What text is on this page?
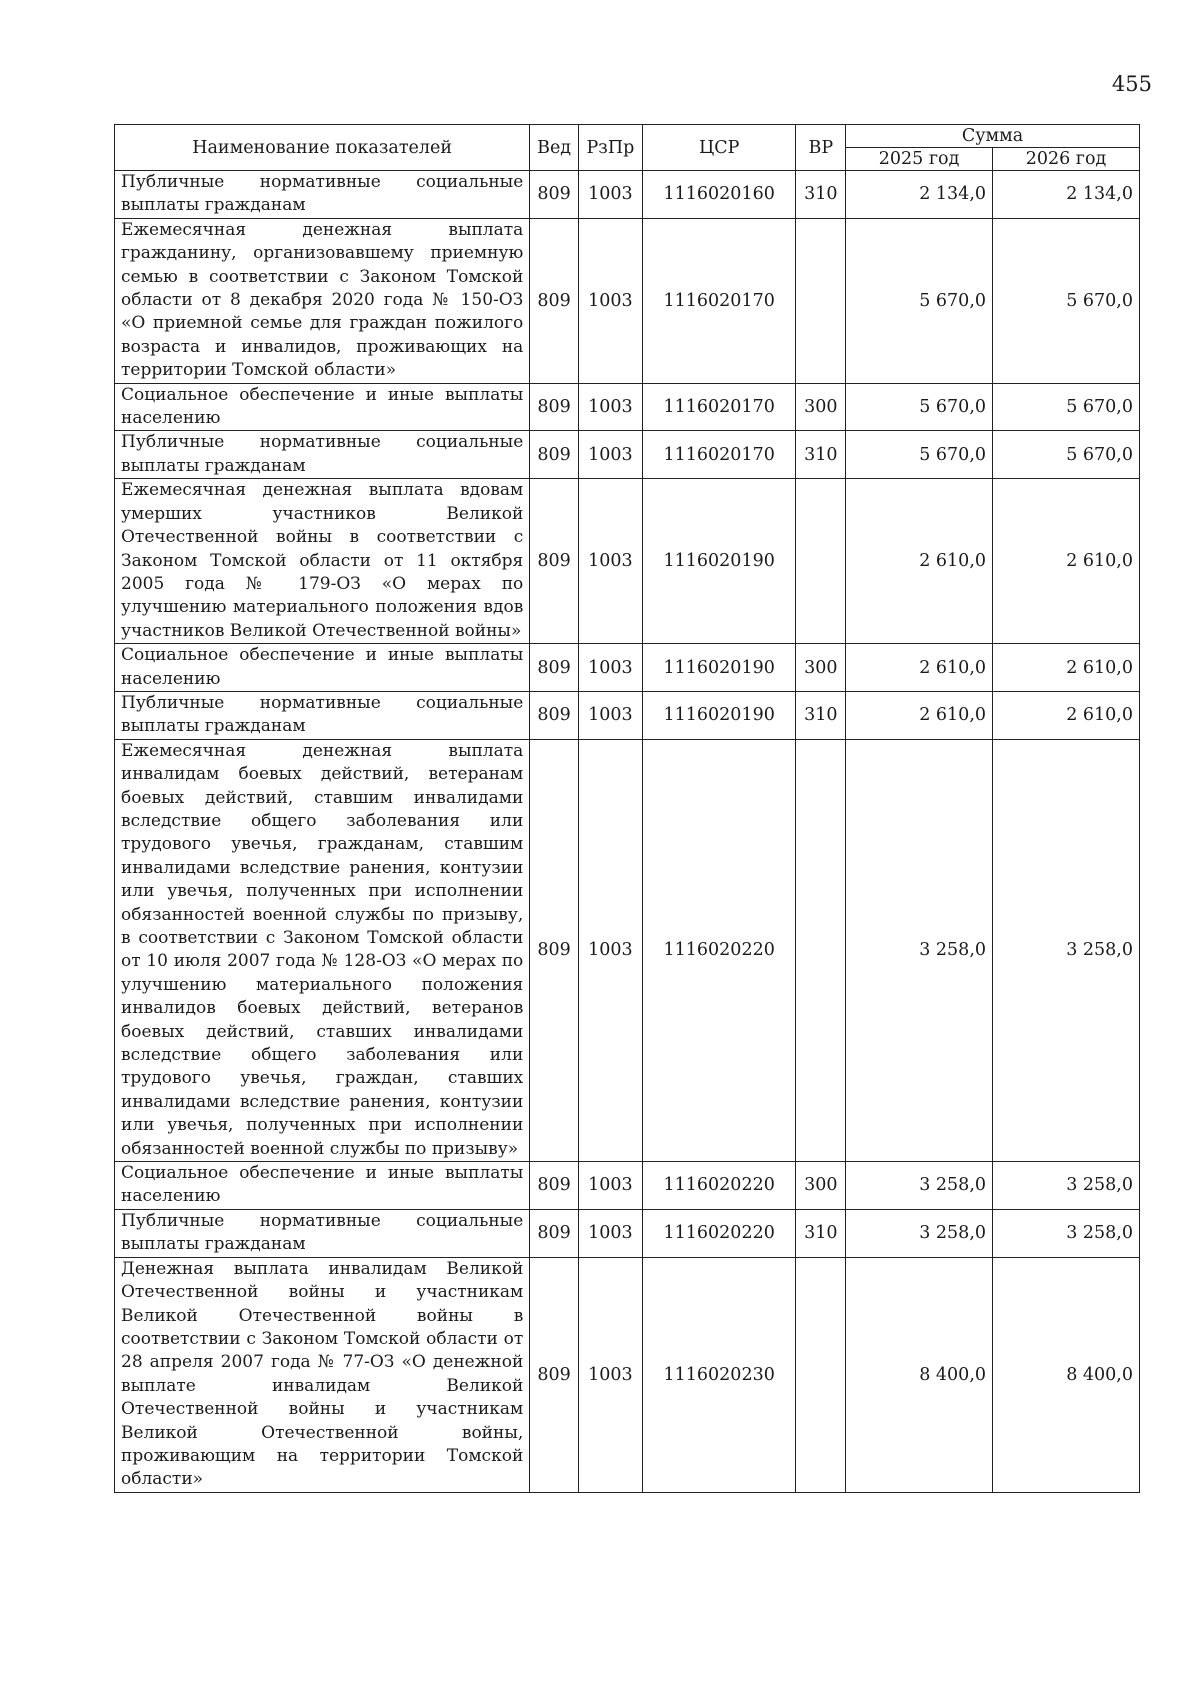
455
Наименование показателей	Вед	РзПр	ЦСР	ВР	Сумма	
					2025 год	2026 год
Публичные нормативные социальные выплаты гражданам	809	1003	1116020160	310	2 134,0	2 134,0
Ежемесячная денежная выплата гражданину, организовавшему приемную семью в соответствии с Законом Томской области от 8 декабря 2020 года № 150-ОЗ «О приемной семье для граждан пожилого возраста и инвалидов, проживающих на территории Томской области»	809	1003	1116020170		5 670,0	5 670,0
Социальное обеспечение и иные выплаты населению	809	1003	1116020170	300	5 670,0	5 670,0
Публичные нормативные социальные выплаты гражданам	809	1003	1116020170	310	5 670,0	5 670,0
Ежемесячная денежная выплата вдовам умерших участников Великой Отечественной войны в соответствии с Законом Томской области от 11 октября 2005 года № 179-ОЗ «О мерах по улучшению материального положения вдов участников Великой Отечественной войны»	809	1003	1116020190		2 610,0	2 610,0
Социальное обеспечение и иные выплаты населению	809	1003	1116020190	300	2 610,0	2 610,0
Публичные нормативные социальные выплаты гражданам	809	1003	1116020190	310	2 610,0	2 610,0
Ежемесячная денежная выплата инвалидам боевых действий, ветеранам боевых действий, ставшим инвалидами вследствие общего заболевания или трудового увечья, гражданам, ставшим инвалидами вследствие ранения, контузии или увечья, полученных при исполнении обязанностей военной службы по призыву, в соответствии с Законом Томской области от 10 июля 2007 года № 128-ОЗ «О мерах по улучшению материального положения инвалидов боевых действий, ветеранов боевых действий, ставших инвалидами вследствие общего заболевания или трудового увечья, граждан, ставших инвалидами вследствие ранения, контузии или увечья, полученных при исполнении обязанностей военной службы по призыву»	809	1003	1116020220		3 258,0	3 258,0
Социальное обеспечение и иные выплаты населению	809	1003	1116020220	300	3 258,0	3 258,0
Публичные нормативные социальные выплаты гражданам	809	1003	1116020220	310	3 258,0	3 258,0
Денежная выплата инвалидам Великой Отечественной войны и участникам Великой Отечественной войны в соответствии с Законом Томской области от 28 апреля 2007 года № 77-ОЗ «О денежной выплате инвалидам Великой Отечественной войны и участникам Великой Отечественной войны, проживающим на территории Томской области»	809	1003	1116020230		8 400,0	8 400,0
